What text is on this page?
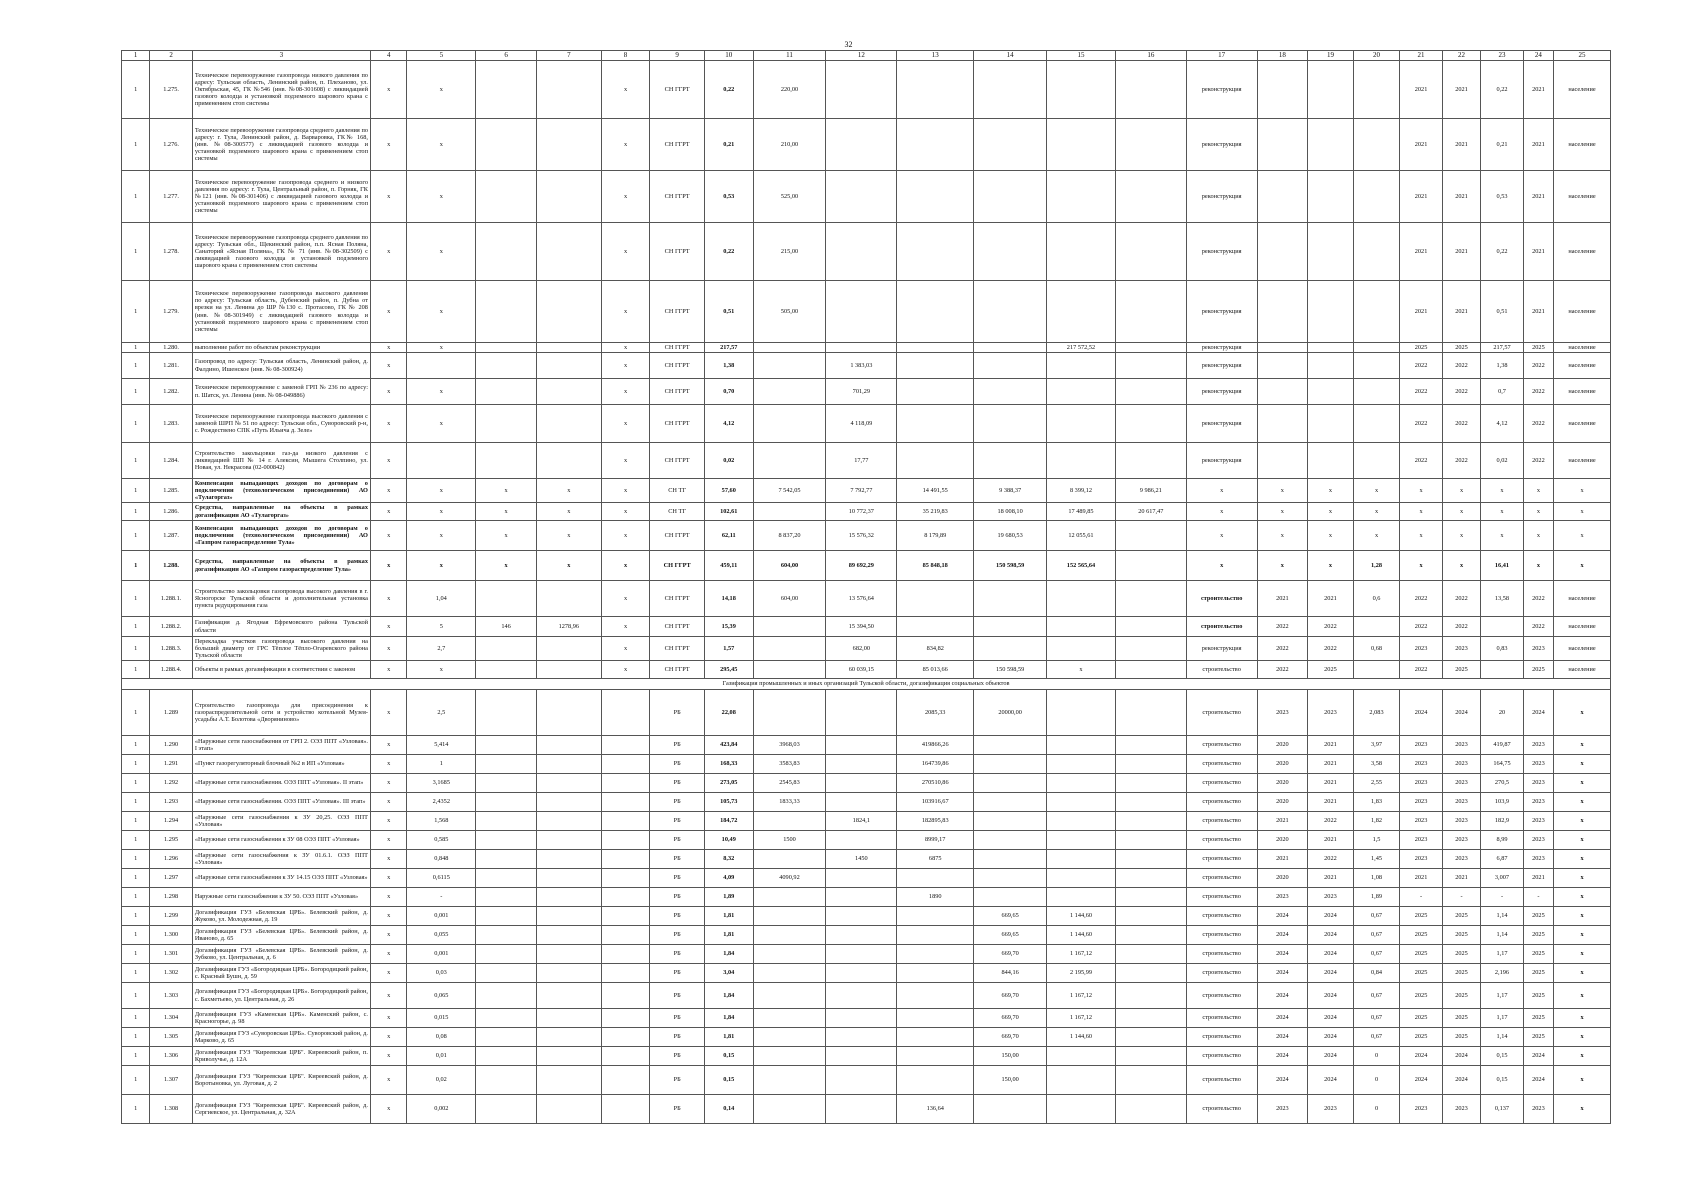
32
1	2	3	4	5	6	7	8	9	10	11	12	13	14	15	16	17	18	19	20	21	22	23	24	25
1	1.275.	Техническое перевооружение газопровода низкого давления по адресу: Тульская область, Ленинский район, п. Плеханово, ул. Октябрьская, 45, ГК №546 (инв. №08-301608) с ликвидацией газового колодца и установкой подземного шарового крана с применением стоп системы	x	x			x	СН ГГРТ	0,22	220,00						реконструкция				2021	2021	0,22	2021	население
1	1.276.	Техническое перевооружение газопровода среднего давления по адресу: г. Тула, Ленинский район, д. Варваровка, ГК№ 168, (инв. №08-300577) с ликвидацией газового колодца и установкой подземного шарового крана с применением стоп системы	x	x			x	СН ГГРТ	0,21	210,00						реконструкция				2021	2021	0,21	2021	население
1	1.277.	Техническое перевооружение газопровода среднего и низкого давления по адресу: г. Тула, Центральный район, п. Горняк, ГК №121 (инв. №08-301406) с ликвидацией газового колодца и установкой подземного шарового крана с применением стоп системы	x	x			x	СН ГГРТ	0,53	525,00						реконструкция				2021	2021	0,53	2021	население
1	1.278.	Техническое перевооружение газопровода среднего давления по адресу: Тульская обл., Щекинский район, п.п. Ясная Поляна, Санаторий «Ясная Поляна», ГК № 71 (инв. №08-302509) с ликвидацией газового колодца и установкой подземного шарового крана с применением стоп системы	x	x			x	СН ГГРТ	0,22	215,00						реконструкция				2021	2021	0,22	2021	население
1	1.279.	Техническое перевооружение газопровода высокого давления по адресу: Тульская область, Дубенский район, п. Дубна от врезки на ул. Ленина до ШР №130 с. Протасово, ГК № 208 (инв. №08-301949) с ликвидацией газового колодца и установкой подземного шарового крана с применением стоп системы	x	x			x	СН ГГРТ	0,51	505,00						реконструкция				2021	2021	0,51	2021	население
1	1.280.	выполнение работ по объектам реконструкции	x	x			x	СН ГГРТ	217,57					217 572,52		реконструкция				2025	2025	217,57	2025	население
1	1.281.	Газопровод по адресу: Тульская область, Ленинский район, д. Фалдино, Ишенское (инв. № 08-300924)	x				x	СН ГГРТ	1,38		1 383,03					реконструкция				2022	2022	1,38	2022	население
1	1.282.	Техническое перевооружение с заменой ГРП № 236 по адресу: п. Шатск, ул. Ленина (инв. № 08-049886)	x	x			x	СН ГГРТ	0,70		701,29					реконструкция				2022	2022	0,7	2022	население
1	1.283.	Техническое перевооружение газопровода высокого давления с заменой ШРП № 51 по адресу: Тульская обл., Суворовский р-н, с. Рождествено СПК «Путь Ильича д. Зеле»	x	x			x	СН ГГРТ	4,12		4 118,09					реконструкция				2022	2022	4,12	2022	население
1	1.284.	Строительство закольцовки газ-да низкого давления с ликвидацией ШП № 14 г. Алексин, Мышега Столпино, ул. Новая, ул. Некрасова (02-000842)	x				x	СН ГГРТ	0,02		17,77					реконструкция				2022	2022	0,02	2022	население
1	1.285.	Компенсация выпадающих доходов по договорам о подключении (технологическом присоединении) АО «Тулагоргаз»	x	x	x	x	x	СН ТГ	57,60	7 542,05	7 792,77	14 491,55	9 388,37	8 399,12	9 986,21	x	x	x	x	x	x	x	x	x
1	1.286.	Средства, направленные на объекты в рамках догазификации АО «Тулагоргаз»	x	x	x	x	x	СН ТГ	102,61		10 772,37	35 219,83	18 008,10	17 489,85	20 617,47	x	x	x	x	x	x	x	x	x
1	1.287.	Компенсация выпадающих доходов по договорам о подключении (технологическом присоединении) АО «Газпром газораспределение Тула»	x	x	x	x	x	СН ГГРТ	62,11	8 837,20	15 576,32	8 179,89	19 680,53	12 055,61		x	x	x	x	x	x	x	x	x
1	1.288.	Средства, направленные на объекты в рамках догазификации АО «Газпром газораспределение Тула»	x	x	x	x	x	СН ГГРТ	459,11	604,00	89 692,29	85 848,18	150 598,59	152 565,64		x	x	x	1,28	x	x	16,41	x	x
1	1.288.1.	Строительство закольцовки газопровода высокого давления в г. Ясногорске Тульской области и дополнительная установка пункта редуцирования газа	x	1,04			x	СН ГГРТ	14,18	604,00	13 576,64					строительство	2021	2021	0,6	2022	2022	13,58	2022	население
1	1.288.2.	Газификация д. Ягодная Ефремовского района Тульской области	x	5	146	1278,96	x	СН ГГРТ	15,39		15 394,50					строительство	2022	2022		2022	2022		2022	население
1	1.288.3.	Перекладка участков газопровода высокого давления на больший диаметр от ГРС Тёплое Тёпло-Огаревского района Тульской области	x	2,7			x	СН ГГРТ	1,57		682,00	834,82				реконструкция	2022	2022	0,68	2023	2023	0,83	2023	население
1	1.288.4.	Объекты в рамках догазификации в соответствии с законом	x	x			x	СН ГГРТ	295,45		60 039,15	85 013,66	150 598,59	x		строительство	2022	2025		2022	2025		2025	население
Газификация промышленных и иных организаций Тульской области, догазификация социальных объектов																								
1	1.289	Строительство газопровода для присоединения к газораспределительной сети и устройство котельной Музея-усадьбы А.Т. Болотова «Дворяниново»	x	2,5				РБ	22,08			2085,33	20000,00			строительство	2023	2023	2,083	2024	2024	20	2024	x
1	1.290	«Наружные сети газоснабжения от ГРП 2. ОЭЗ ППТ «Узловая». I этап»	x	5,414				РБ	423,84	3968,03		419866,26				строительство	2020	2021	3,97	2023	2023	419,87	2023	x
1	1.291	«Пункт газорегуляторный блочный №2 в ИП «Узловая»	x	1				РБ	168,33	3583,83		164739,86				строительство	2020	2021	3,58	2023	2023	164,75	2023	x
1	1.292	«Наружные сети газоснабжения. ОЭЗ ППТ «Узловая». II этап»	x	3,1685				РБ	273,05	2545,83		270510,86				строительство	2020	2021	2,55	2023	2023	270,5	2023	x
1	1.293	«Наружные сети газоснабжения. ОЭЗ ППТ «Узловая». III этап»	x	2,4352				РБ	105,73	1833,33		103916,67				строительство	2020	2021	1,83	2023	2023	103,9	2023	x
1	1.294	«Наружные сети газоснабжения к ЗУ 20,25. ОЭЗ ППТ «Узловая»	x	1,568				РБ	184,72		1824,1	182895,83				строительство	2021	2022	1,82	2023	2023	182,9	2023	x
1	1.295	«Наружные сети газоснабжения к ЗУ 08 ОЭЗ ППТ «Узловая»	x	0,585				РБ	10,49	1500		8999,17				строительство	2020	2021	1,5	2023	2023	8,99	2023	x
1	1.296	«Наружные сети газоснабжения к ЗУ 01.6.1. ОЭЗ ППТ «Узловая»	x	0,848				РБ	8,32		1450	6875				строительство	2021	2022	1,45	2023	2023	6,87	2023	x
1	1.297	«Наружные сети газоснабжения к ЗУ 14.15 ОЭЗ ППТ «Узловая»	x	0,6115				РБ	4,09	4090,92						строительство	2020	2021	1,08	2021	2021	3,007	2021	x
1	1.298	Наружные сети газоснабжения к ЗУ 50. ОЭЗ ППТ «Узловая»	x	-				РБ	1,89			1890				строительство	2023	2023	1,89	-	-	-	-	x
1	1.299	Догазификация ГУЗ «Белевская ЦРБ». Белевский район, д. Жуково, ул. Молодежная, д. 19	x	0,001				РБ	1,81				669,65	1 144,60		строительство	2024	2024	0,67	2025	2025	1,14	2025	x
1	1.300	Догазификация ГУЗ «Белевская ЦРБ». Белевский район, д. Иваново, д. 65	x	0,055				РБ	1,81				669,65	1 144,60		строительство	2024	2024	0,67	2025	2025	1,14	2025	x
1	1.301	Догазификация ГУЗ «Белевская ЦРБ». Белевский район, д. Зубково, ул. Центральная, д. 6	x	0,001				РБ	1,84				669,70	1 167,12		строительство	2024	2024	0,67	2025	2025	1,17	2025	x
1	1.302	Догазификация ГУЗ «Богородицкая ЦРБ». Богородицкий район, с. Красный Бушн, д. 59	x	0,03				РБ	3,04				844,16	2 195,99		строительство	2024	2024	0,84	2025	2025	2,196	2025	x
1	1.303	Догазификация ГУЗ «Богородицкая ЦРБ». Богородицкий район, с. Бахметьево, ул. Центральная, д. 26	x	0,065				РБ	1,84				669,70	1 167,12		строительство	2024	2024	0,67	2025	2025	1,17	2025	x
1	1.304	Догазификация ГУЗ «Каменская ЦРБ». Каменский район, с. Красногорье, д. 98	x	0,015				РБ	1,84				669,70	1 167,12		строительство	2024	2024	0,67	2025	2025	1,17	2025	x
1	1.305	Догазификация ГУЗ «Суворовская ЦРБ». Суворовский район, д. Марково, д. 65	x	0,08				РБ	1,81				669,70	1 144,60		строительство	2024	2024	0,67	2025	2025	1,14	2025	x
1	1.306	Догазификация ГУЗ "Киреевская ЦРБ". Киреевский район, п. Криволучье, д. 12А	x	0,01				РБ	0,15				150,00			строительство	2024	2024	0	2024	2024	0,15	2024	x
1	1.307	Догазификация ГУЗ "Киреевская ЦРБ". Киреевский район, д. Воротыновка, ул. Луговая, д. 2	x	0,02				РБ	0,15				150,00			строительство	2024	2024	0	2024	2024	0,15	2024	x
1	1.308	Догазификация ГУЗ "Киреевская ЦРБ". Киреевский район, д. Сергиевское, ул. Центральная, д. 32А	x	0,002				РБ	0,14			136,64				строительство	2023	2023	0	2023	2023	0,137	2023	x
